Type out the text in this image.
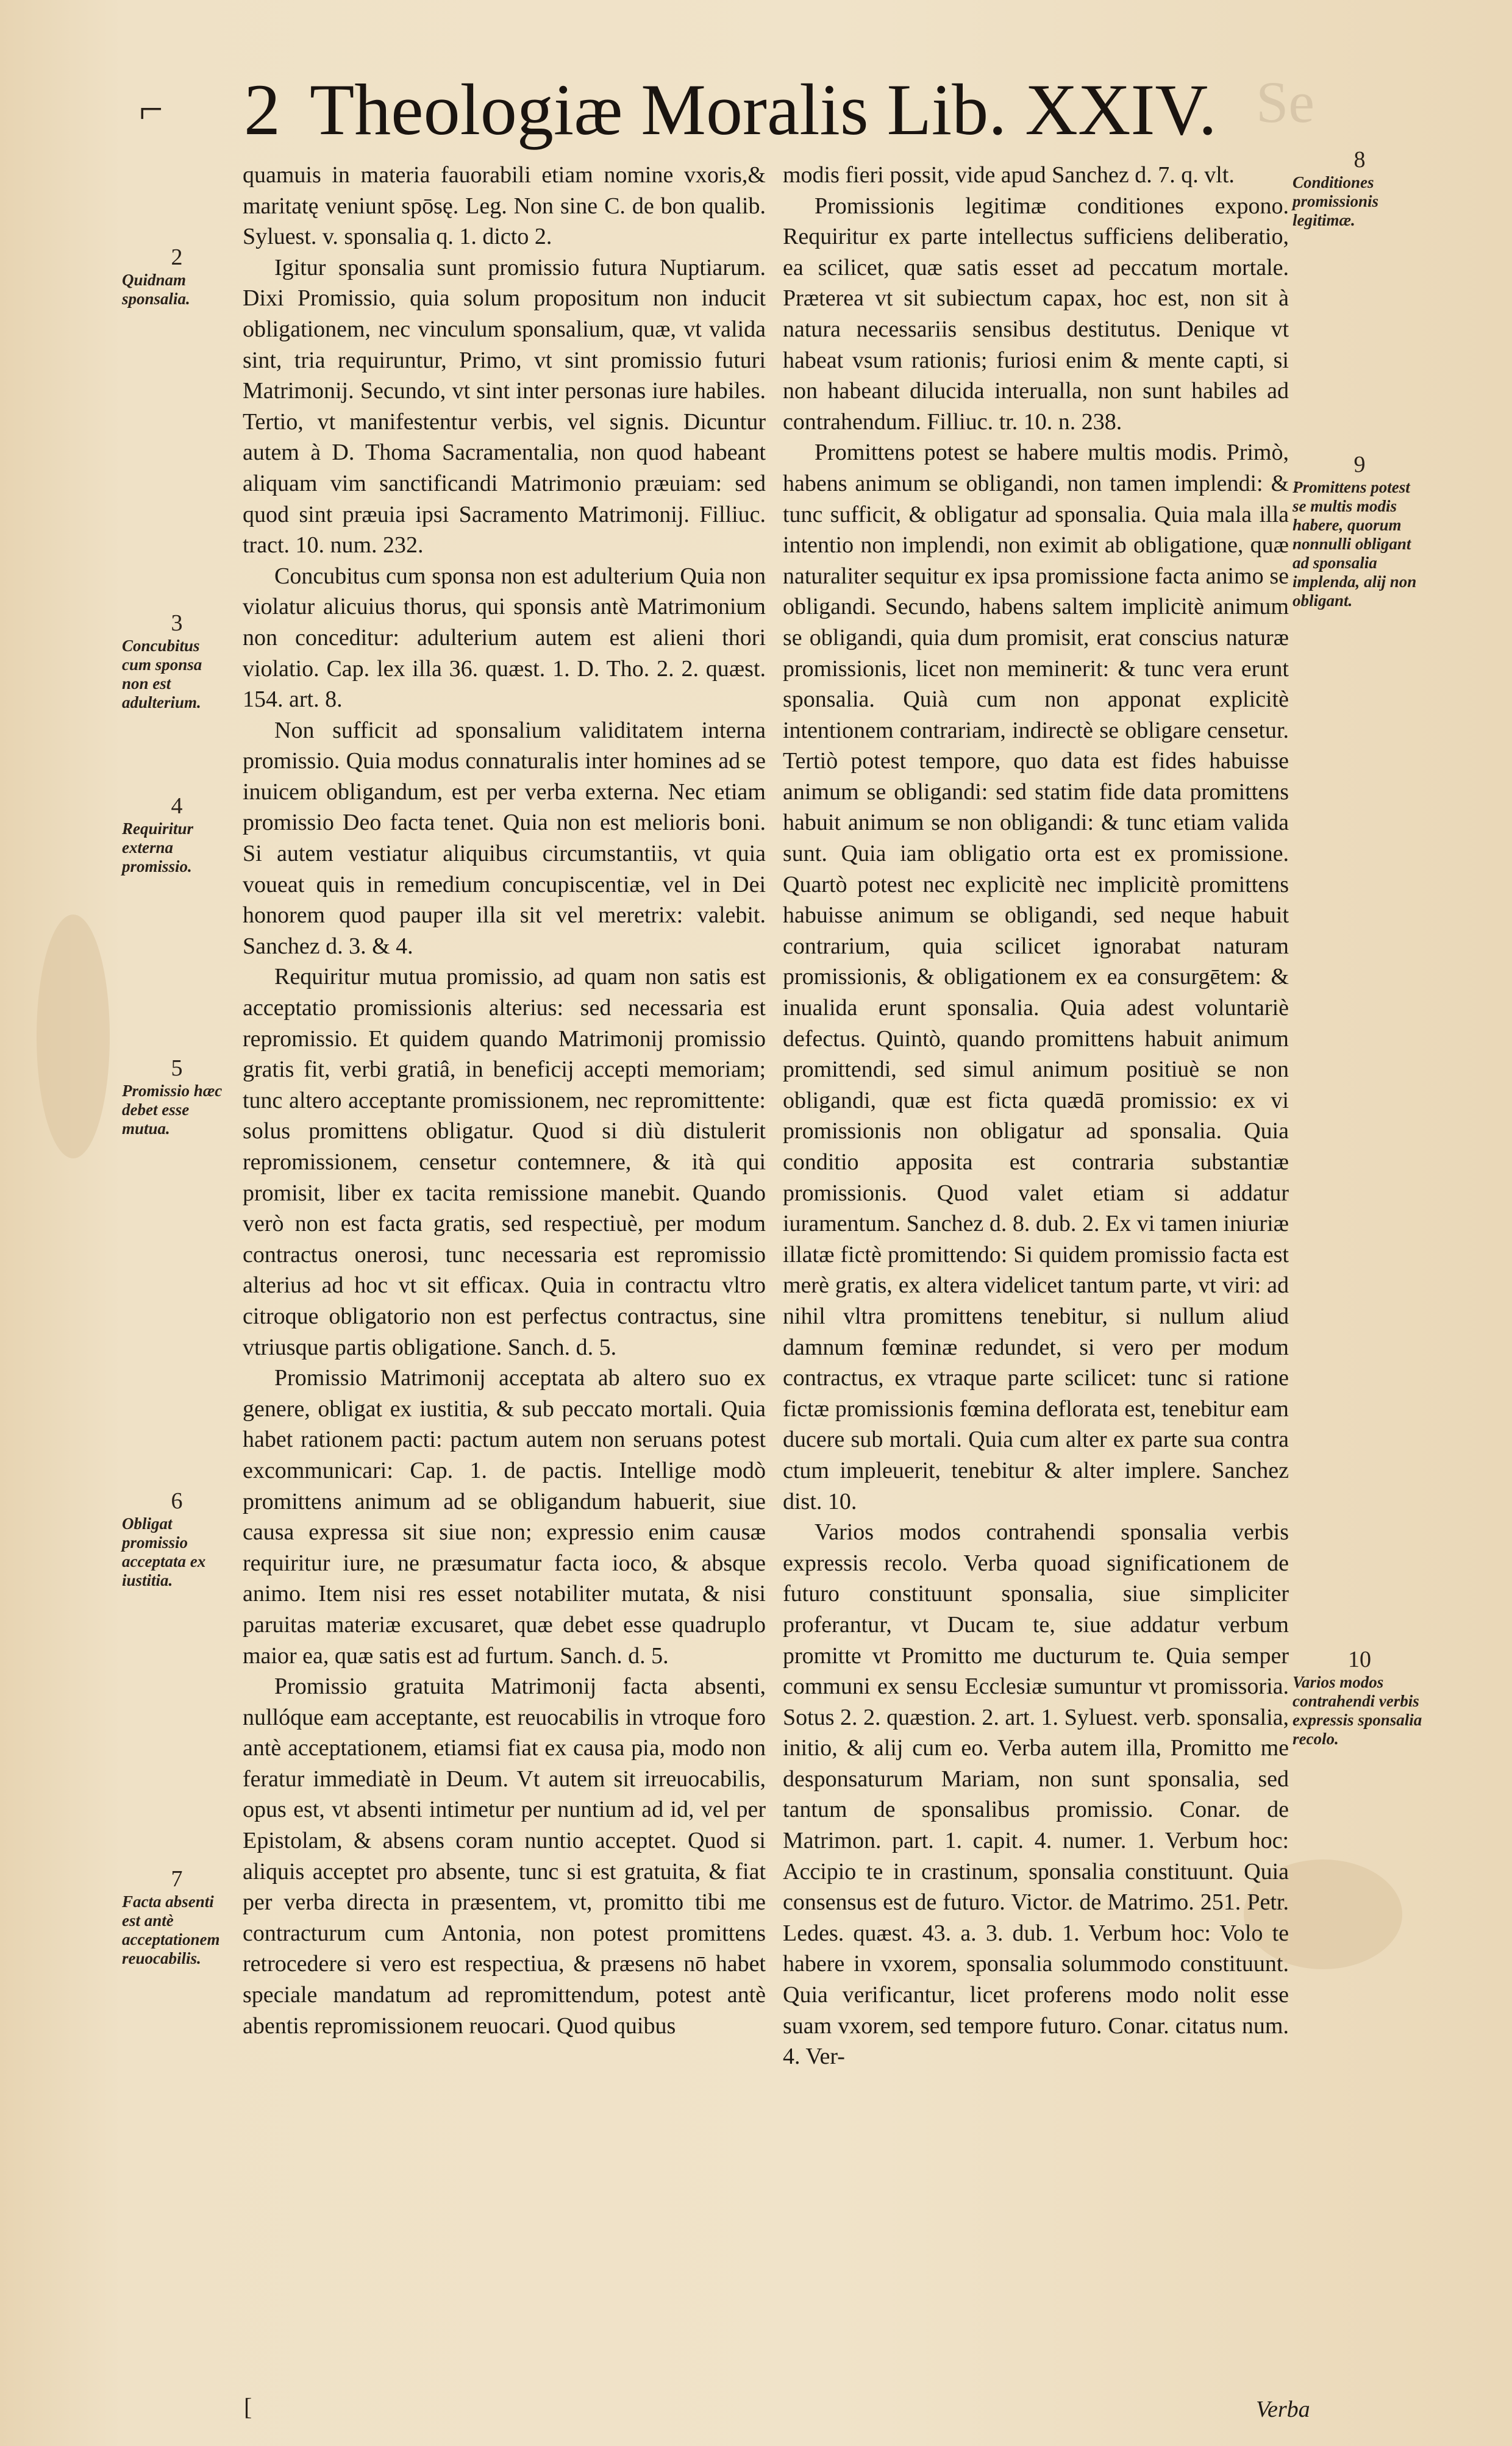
⌐ 2 Theologiæ Moralis Lib. XXIV. Se

quamuis in materia fauorabili etiam nomine vxoris,& maritatę veniunt spōsę. Leg. Non sine C. de bon qualib. Syluest. v. sponsalia q. 1. dicto 2.

Igitur sponsalia sunt promissio futura Nuptiarum. Dixi Promissio, quia solum propositum non inducit obligationem, nec vinculum sponsalium, quæ, vt valida sint, tria requiruntur, Primo, vt sint promissio futuri Matrimonij. Secundo, vt sint inter personas iure habiles. Tertio, vt manifestentur verbis, vel signis. Dicuntur autem à D. Thoma Sacramentalia, non quod habeant aliquam vim sanctificandi Matrimonio præuiam: sed quod sint præuia ipsi Sacramento Matrimonij. Filliuc. tract. 10. num. 232.

Concubitus cum sponsa non est adulterium Quia non violatur alicuius thorus, qui sponsis antè Matrimonium non conceditur: adulterium autem est alieni thori violatio. Cap. lex illa 36. quæst. 1. D. Tho. 2. 2. quæst. 154. art. 8.

Non sufficit ad sponsalium validitatem interna promissio. Quia modus connaturalis inter homines ad se inuicem obligandum, est per verba externa. Nec etiam promissio Deo facta tenet. Quia non est melioris boni. Si autem vestiatur aliquibus circumstantiis, vt quia voueat quis in remedium concupiscentiæ, vel in Dei honorem quod pauper illa sit vel meretrix: valebit. Sanchez d. 3. & 4.

Requiritur mutua promissio, ad quam non satis est acceptatio promissionis alterius: sed necessaria est repromissio. Et quidem quando Matrimonij promissio gratis fit, verbi gratiâ, in beneficij accepti memoriam; tunc altero acceptante promissionem, nec repromittente: solus promittens obligatur. Quod si diù distulerit repromissionem, censetur contemnere, & ità qui promisit, liber ex tacita remissione manebit. Quando verò non est facta gratis, sed respectiuè, per modum contractus onerosi, tunc necessaria est repromissio alterius ad hoc vt sit efficax. Quia in contractu vltro citroque obligatorio non est perfectus contractus, sine vtriusque partis obligatione. Sanch. d. 5.

Promissio Matrimonij acceptata ab altero suo ex genere, obligat ex iustitia, & sub peccato mortali. Quia habet rationem pacti: pactum autem non seruans potest excommunicari: Cap. 1. de pactis. Intellige modò promittens animum ad se obligandum habuerit, siue causa expressa sit siue non; expressio enim causæ requiritur iure, ne præsumatur facta ioco, & absque animo. Item nisi res esset notabiliter mutata, & nisi paruitas materiæ excusaret, quæ debet esse quadruplo maior ea, quæ satis est ad furtum. Sanch. d. 5.

Promissio gratuita Matrimonij facta absenti, nullóque eam acceptante, est reuocabilis in vtroque foro antè acceptationem, etiamsi fiat ex causa pia, modo non feratur immediatè in Deum. Vt autem sit irreuocabilis, opus est, vt absenti intimetur per nuntium ad id, vel per Epistolam, & absens coram nuntio acceptet. Quod si aliquis acceptet pro absente, tunc si est gratuita, & fiat per verba directa in præsentem, vt, promitto tibi me contracturum cum Antonia, non potest promittens retrocedere si vero est respectiua, & præsens nō habet speciale mandatum ad repromittendum, potest antè abentis repromissionem reuocari. Quod quibus

modis fieri possit, vide apud Sanchez d. 7. q. vlt.

Promissionis legitimæ conditiones expono. Requiritur ex parte intellectus sufficiens deliberatio, ea scilicet, quæ satis esset ad peccatum mortale. Præterea vt sit subiectum capax, hoc est, non sit à natura necessariis sensibus destitutus. Denique vt habeat vsum rationis; furiosi enim & mente capti, si non habeant dilucida interualla, non sunt habiles ad contrahendum. Filliuc. tr. 10. n. 238.

Promittens potest se habere multis modis. Primò, habens animum se obligandi, non tamen implendi: & tunc sufficit, & obligatur ad sponsalia. Quia mala illa intentio non implendi, non eximit ab obligatione, quæ naturaliter sequitur ex ipsa promissione facta animo se obligandi. Secundo, habens saltem implicitè animum se obligandi, quia dum promisit, erat conscius naturæ promissionis, licet non meminerit: & tunc vera erunt sponsalia. Quià cum non apponat explicitè intentionem contrariam, indirectè se obligare censetur. Tertiò potest tempore, quo data est fides habuisse animum se obligandi: sed statim fide data promittens habuit animum se non obligandi: & tunc etiam valida sunt. Quia iam obligatio orta est ex promissione. Quartò potest nec explicitè nec implicitè promittens habuisse animum se obligandi, sed neque habuit contrarium, quia scilicet ignorabat naturam promissionis, & obligationem ex ea consurgētem: & inualida erunt sponsalia. Quia adest voluntariè defectus. Quintò, quando promittens habuit animum promittendi, sed simul animum positiuè se non obligandi, quæ est ficta quædā promissio: ex vi promissionis non obligatur ad sponsalia. Quia conditio apposita est contraria substantiæ promissionis. Quod valet etiam si addatur iuramentum. Sanchez d. 8. dub. 2. Ex vi tamen iniuriæ illatæ fictè promittendo: Si quidem promissio facta est merè gratis, ex altera videlicet tantum parte, vt viri: ad nihil vltra promittens tenebitur, si nullum aliud damnum fœminæ redundet, si vero per modum contractus, ex vtraque parte scilicet: tunc si ratione fictæ promissionis fœmina deflorata est, tenebitur eam ducere sub mortali. Quia cum alter ex parte sua contra ctum impleuerit, tenebitur & alter implere. Sanchez dist. 10.

Varios modos contrahendi sponsalia verbis expressis recolo. Verba quoad significationem de futuro constituunt sponsalia, siue simpliciter proferantur, vt Ducam te, siue addatur verbum promitte vt Promitto me ducturum te. Quia semper communi ex sensu Ecclesiæ sumuntur vt promissoria. Sotus 2. 2. quæstion. 2. art. 1. Syluest. verb. sponsalia, initio, & alij cum eo. Verba autem illa, Promitto me desponsaturum Mariam, non sunt sponsalia, sed tantum de sponsalibus promissio. Conar. de Matrimon. part. 1. capit. 4. numer. 1. Verbum hoc: Accipio te in crastinum, sponsalia constituunt. Quia consensus est de futuro. Victor. de Matrimo. 251. Petr. Ledes. quæst. 43. a. 3. dub. 1. Verbum hoc: Volo te habere in vxorem, sponsalia solummodo constituunt. Quia verificantur, licet proferens modo nolit esse suam vxorem, sed tempore futuro. Conar. citatus num. 4. Ver-

[	Verba
2
Quidnam sponsalia.
3
Concubitus cum sponsa non est adulterium.
4
Requiritur externa promissio.
5
Promissio hæc debet esse mutua.
6
Obligat promissio acceptata ex iustitia.
7
Facta absenti est antè acceptationem reuocabilis.
8
Conditiones promissionis legitimæ.
9
Promittens potest se multis modis habere, quorum nonnulli obligant ad sponsalia implenda, alij non obligant.
10
Varios modos contrahendi verbis expressis sponsalia recolo.
